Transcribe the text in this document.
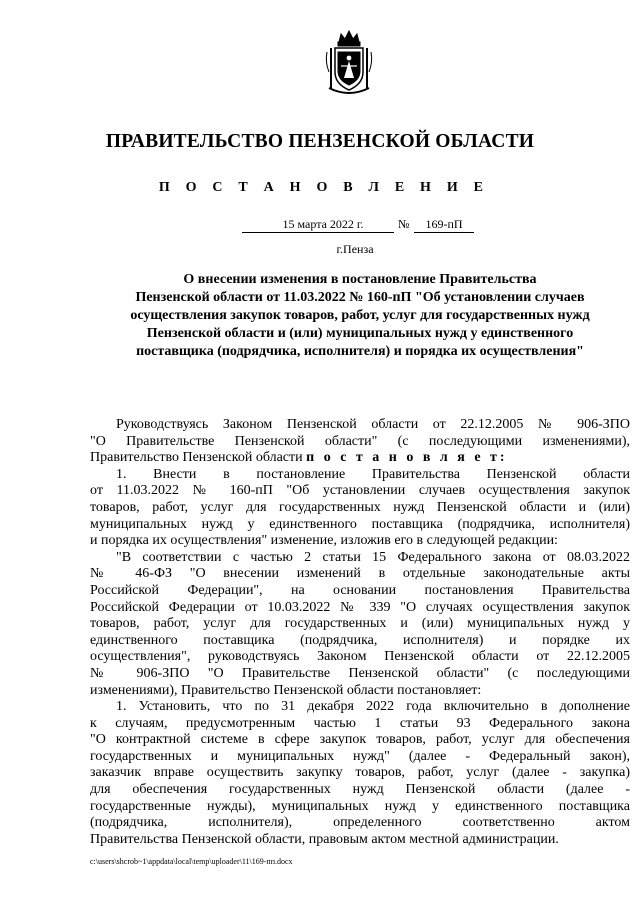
ПРАВИТЕЛЬСТВО ПЕНЗЕНСКОЙ ОБЛАСТИ
П О С Т А Н О В Л Е Н И Е
15 марта 2022 г.	№	169-пП
г.Пенза
О внесении изменения в постановление Правительства
Пензенской области от 11.03.2022 № 160-пП "Об установлении случаев
осуществления закупок товаров, работ, услуг для государственных нужд
Пензенской области и (или) муниципальных нужд у единственного
поставщика (подрядчика, исполнителя) и порядка их осуществления"
Руководствуясь Законом Пензенской области от 22.12.2005 № 906-ЗПО
"О Правительстве Пензенской области" (с последующими изменениями),
Правительство Пензенской области п о с т а н о в л я е т:
1. Внести в постановление Правительства Пензенской области
от 11.03.2022 № 160-пП "Об установлении случаев осуществления закупок
товаров, работ, услуг для государственных нужд Пензенской области и (или)
муниципальных нужд у единственного поставщика (подрядчика, исполнителя)
и порядка их осуществления" изменение, изложив его в следующей редакции:
"В соответствии с частью 2 статьи 15 Федерального закона от 08.03.2022
№ 46-ФЗ "О внесении изменений в отдельные законодательные акты
Российской Федерации", на основании постановления Правительства
Российской Федерации от 10.03.2022 № 339 "О случаях осуществления закупок
товаров, работ, услуг для государственных и (или) муниципальных нужд у
единственного поставщика (подрядчика, исполнителя) и порядке их
осуществления", руководствуясь Законом Пензенской области от 22.12.2005
№ 906-ЗПО "О Правительстве Пензенской области" (с последующими
изменениями), Правительство Пензенской области постановляет:
1. Установить, что по 31 декабря 2022 года включительно в дополнение
к случаям, предусмотренным частью 1 статьи 93 Федерального закона
"О контрактной системе в сфере закупок товаров, работ, услуг для обеспечения
государственных и муниципальных нужд" (далее - Федеральный закон),
заказчик вправе осуществить закупку товаров, работ, услуг (далее - закупка)
для обеспечения государственных нужд Пензенской области (далее -
государственные нужды), муниципальных нужд у единственного поставщика
(подрядчика, исполнителя), определенного соответственно актом
Правительства Пензенской области, правовым актом местной администрации.
c:\users\shcrob~1\appdata\local\temp\uploader\11\169-пп.docx
